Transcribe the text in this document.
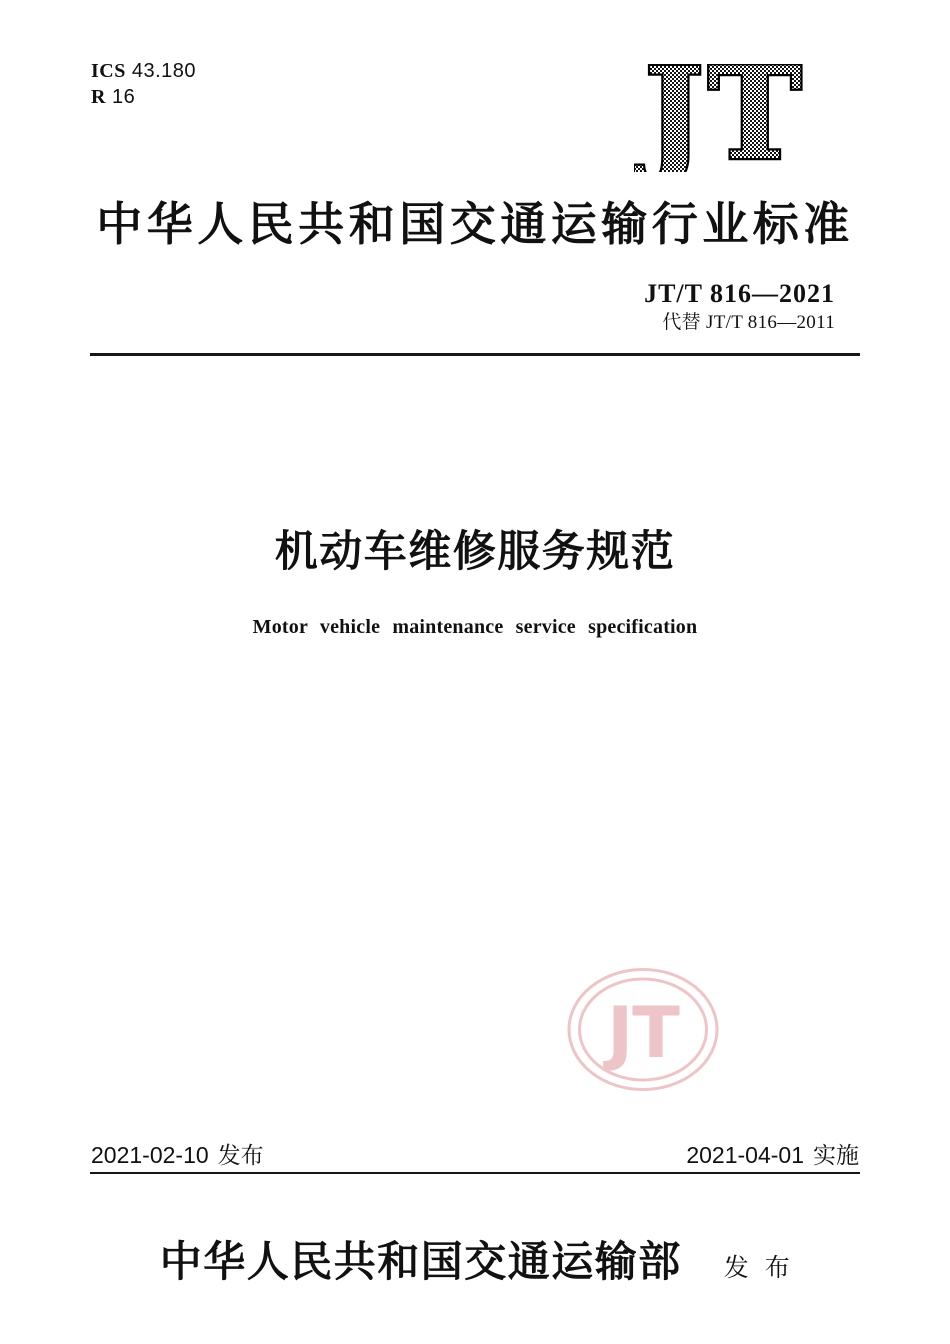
ICS 43.180
R 16	JT
中华人民共和国交通运输行业标准
JT/T 816—2021
代替 JT/T 816—2011
机动车维修服务规范
Motor vehicle maintenance service specification
JT
2021-02-10 发布	2021-04-01 实施
中华人民共和国交通运输部 发 布
